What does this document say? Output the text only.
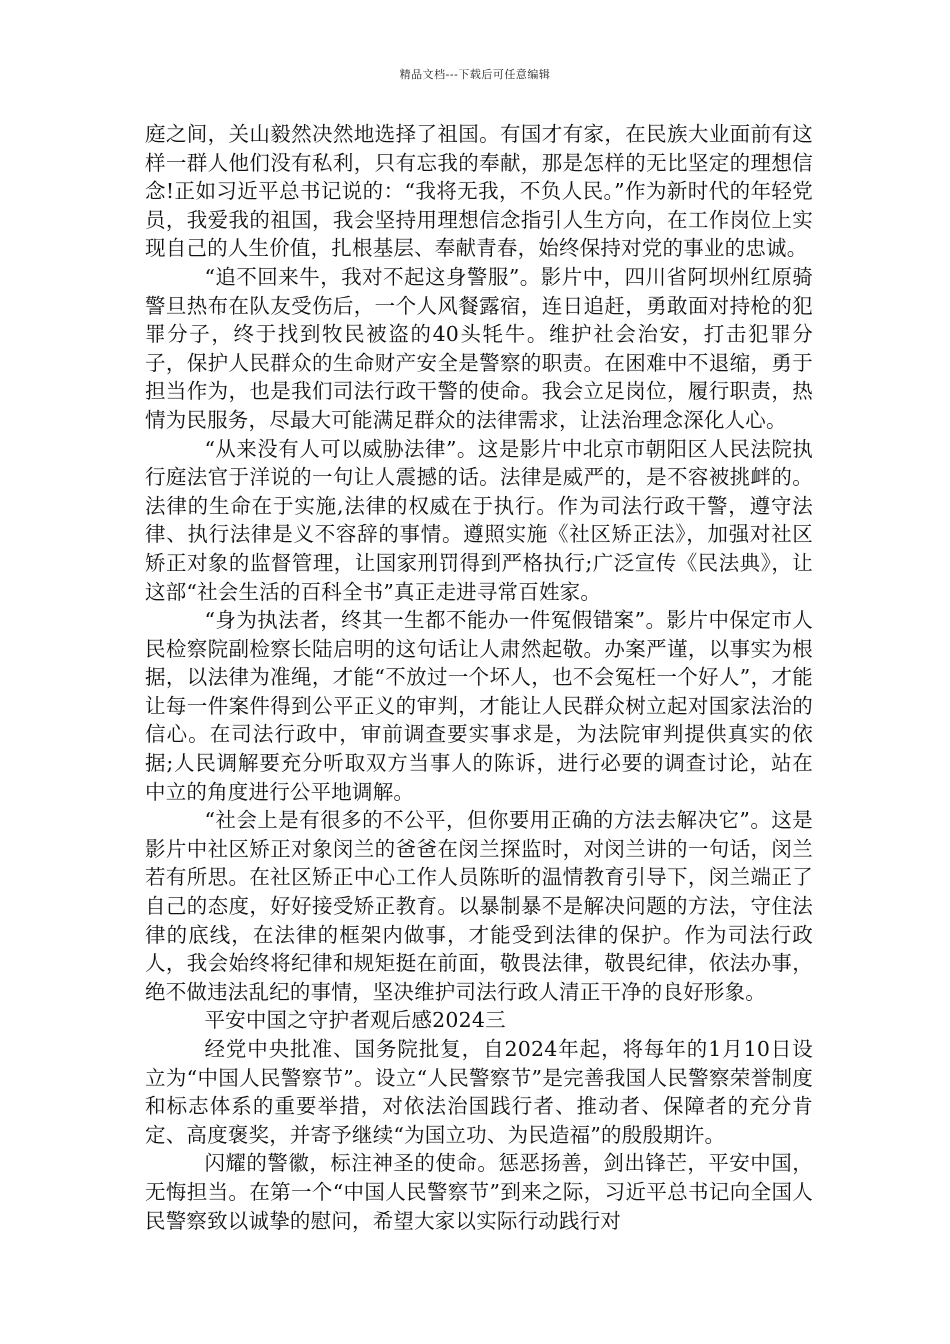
精品文档---下载后可任意编辑

庭之间，关山毅然决然地选择了祖国。有国才有家，在民族大业面前有这样一群人他们没有私利，只有忘我的奉献，那是怎样的无比坚定的理想信念!正如习近平总书记说的：“我将无我，不负人民。”作为新时代的年轻党员，我爱我的祖国，我会坚持用理想信念指引人生方向，在工作岗位上实现自己的人生价值，扎根基层、奉献青春，始终保持对党的事业的忠诚。

“追不回来牛，我对不起这身警服”。影片中，四川省阿坝州红原骑警旦热布在队友受伤后，一个人风餐露宿，连日追赶，勇敢面对持枪的犯罪分子，终于找到牧民被盗的40头牦牛。维护社会治安，打击犯罪分子，保护人民群众的生命财产安全是警察的职责。在困难中不退缩，勇于担当作为，也是我们司法行政干警的使命。我会立足岗位，履行职责，热情为民服务，尽最大可能满足群众的法律需求，让法治理念深化人心。

“从来没有人可以威胁法律”。这是影片中北京市朝阳区人民法院执行庭法官于洋说的一句让人震撼的话。法律是威严的，是不容被挑衅的。法律的生命在于实施,法律的权威在于执行。作为司法行政干警，遵守法律、执行法律是义不容辞的事情。遵照实施《社区矫正法》，加强对社区矫正对象的监督管理，让国家刑罚得到严格执行;广泛宣传《民法典》，让这部“社会生活的百科全书”真正走进寻常百姓家。

“身为执法者，终其一生都不能办一件冤假错案”。影片中保定市人民检察院副检察长陆启明的这句话让人肃然起敬。办案严谨，以事实为根据，以法律为准绳，才能“不放过一个坏人，也不会冤枉一个好人”，才能让每一件案件得到公平正义的审判，才能让人民群众树立起对国家法治的信心。在司法行政中，审前调查要实事求是，为法院审判提供真实的依据;人民调解要充分听取双方当事人的陈诉，进行必要的调查讨论，站在中立的角度进行公平地调解。

“社会上是有很多的不公平，但你要用正确的方法去解决它”。这是影片中社区矫正对象闵兰的爸爸在闵兰探监时，对闵兰讲的一句话，闵兰若有所思。在社区矫正中心工作人员陈昕的温情教育引导下，闵兰端正了自己的态度，好好接受矫正教育。以暴制暴不是解决问题的方法，守住法律的底线，在法律的框架内做事，才能受到法律的保护。作为司法行政人，我会始终将纪律和规矩挺在前面，敬畏法律，敬畏纪律，依法办事，绝不做违法乱纪的事情，坚决维护司法行政人清正干净的良好形象。

平安中国之守护者观后感2024三

经党中央批准、国务院批复，自2024年起，将每年的1月10日设立为“中国人民警察节”。设立“人民警察节”是完善我国人民警察荣誉制度和标志体系的重要举措，对依法治国践行者、推动者、保障者的充分肯定、高度褒奖，并寄予继续“为国立功、为民造福”的殷殷期许。

闪耀的警徽，标注神圣的使命。惩恶扬善，剑出锋芒，平安中国，无悔担当。在第一个“中国人民警察节”到来之际，习近平总书记向全国人民警察致以诚挚的慰问，希望大家以实际行动践行对
